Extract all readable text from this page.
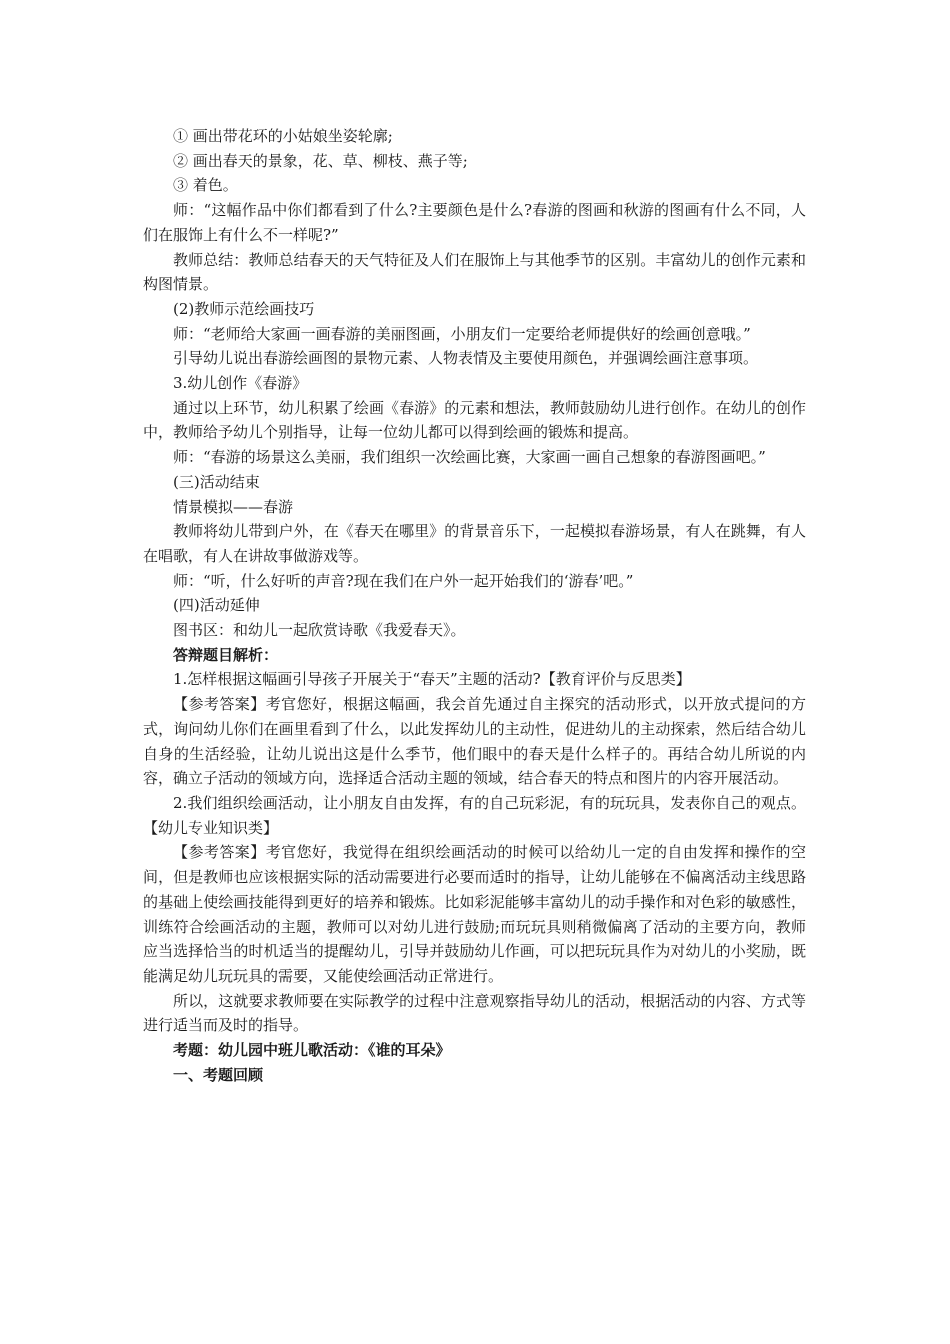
① 画出带花环的小姑娘坐姿轮廓;

② 画出春天的景象，花、草、柳枝、燕子等;

③ 着色。

师：“这幅作品中你们都看到了什么?主要颜色是什么?春游的图画和秋游的图画有什么不同，人们在服饰上有什么不一样呢?”

教师总结：教师总结春天的天气特征及人们在服饰上与其他季节的区别。丰富幼儿的创作元素和构图情景。

(2)教师示范绘画技巧

师：“老师给大家画一画春游的美丽图画，小朋友们一定要给老师提供好的绘画创意哦。”

引导幼儿说出春游绘画图的景物元素、人物表情及主要使用颜色，并强调绘画注意事项。

3.幼儿创作《春游》

通过以上环节，幼儿积累了绘画《春游》的元素和想法，教师鼓励幼儿进行创作。在幼儿的创作中，教师给予幼儿个别指导，让每一位幼儿都可以得到绘画的锻炼和提高。

师：“春游的场景这么美丽，我们组织一次绘画比赛，大家画一画自己想象的春游图画吧。”

(三)活动结束

情景模拟——春游

教师将幼儿带到户外，在《春天在哪里》的背景音乐下，一起模拟春游场景，有人在跳舞，有人在唱歌，有人在讲故事做游戏等。

师：“听，什么好听的声音?现在我们在户外一起开始我们的‘游春’吧。”

(四)活动延伸

图书区：和幼儿一起欣赏诗歌《我爱春天》。

答辩题目解析：

1.怎样根据这幅画引导孩子开展关于“春天”主题的活动?【教育评价与反思类】

【参考答案】考官您好，根据这幅画，我会首先通过自主探究的活动形式，以开放式提问的方式，询问幼儿你们在画里看到了什么，以此发挥幼儿的主动性，促进幼儿的主动探索，然后结合幼儿自身的生活经验，让幼儿说出这是什么季节，他们眼中的春天是什么样子的。再结合幼儿所说的内容，确立子活动的领域方向，选择适合活动主题的领域，结合春天的特点和图片的内容开展活动。

2.我们组织绘画活动，让小朋友自由发挥，有的自己玩彩泥，有的玩玩具，发表你自己的观点。【幼儿专业知识类】

【参考答案】考官您好，我觉得在组织绘画活动的时候可以给幼儿一定的自由发挥和操作的空间，但是教师也应该根据实际的活动需要进行必要而适时的指导，让幼儿能够在不偏离活动主线思路的基础上使绘画技能得到更好的培养和锻炼。比如彩泥能够丰富幼儿的动手操作和对色彩的敏感性，训练符合绘画活动的主题，教师可以对幼儿进行鼓励;而玩玩具则稍微偏离了活动的主要方向，教师应当选择恰当的时机适当的提醒幼儿，引导并鼓励幼儿作画，可以把玩玩具作为对幼儿的小奖励，既能满足幼儿玩玩具的需要，又能使绘画活动正常进行。

所以，这就要求教师要在实际教学的过程中注意观察指导幼儿的活动，根据活动的内容、方式等进行适当而及时的指导。

考题：幼儿园中班儿歌活动：《谁的耳朵》

一、考题回顾
